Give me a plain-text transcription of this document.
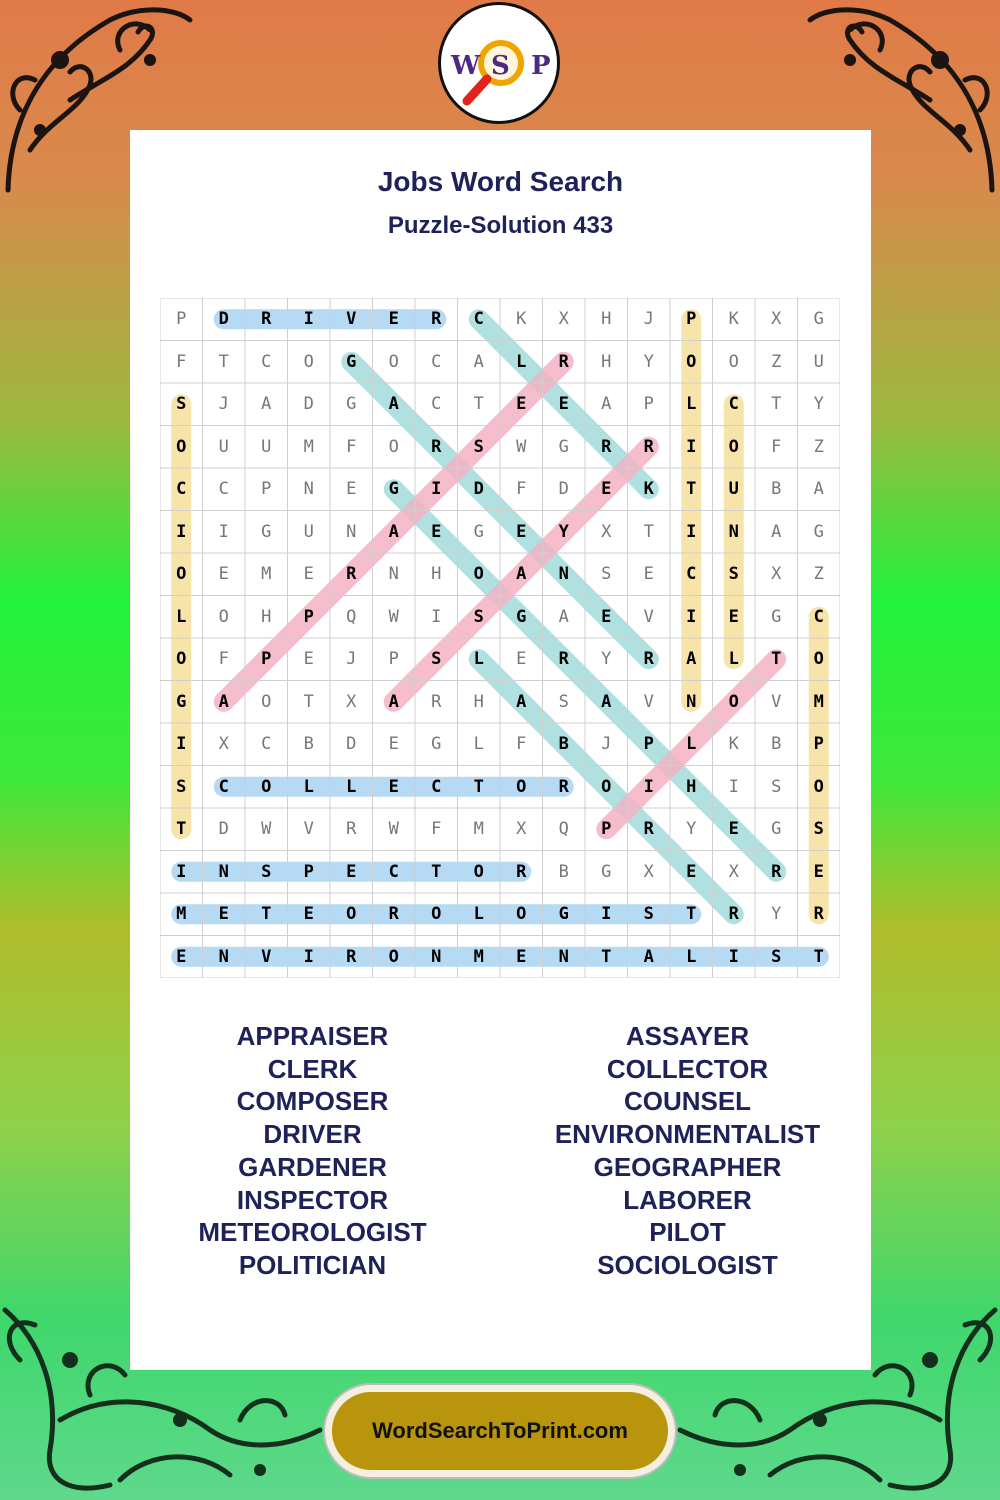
W S P
Jobs Word Search
Puzzle-Solution 433
P	D	R	I	V	E	R	C	K	X	H	J	P	K	X	G
F	T	C	O	G	O	C	A	L	R	H	Y	O	O	Z	U
S	J	A	D	G	A	C	T	E	E	A	P	L	C	T	Y
O	U	U	M	F	O	R	S	W	G	R	R	I	O	F	Z
C	C	P	N	E	G	I	D	F	D	E	K	T	U	B	A
I	I	G	U	N	A	E	G	E	Y	X	T	I	N	A	G
O	E	M	E	R	N	H	O	A	N	S	E	C	S	X	Z
L	O	H	P	Q	W	I	S	G	A	E	V	I	E	G	C
O	F	P	E	J	P	S	L	E	R	Y	R	A	L	T	O
G	A	O	T	X	A	R	H	A	S	A	V	N	O	V	M
I	X	C	B	D	E	G	L	F	B	J	P	L	K	B	P
S	C	O	L	L	E	C	T	O	R	O	I	H	I	S	O
T	D	W	V	R	W	F	M	X	Q	P	R	Y	E	G	S
I	N	S	P	E	C	T	O	R	B	G	X	E	X	R	E
M	E	T	E	O	R	O	L	O	G	I	S	T	R	Y	R
E	N	V	I	R	O	N	M	E	N	T	A	L	I	S	T
APPRAISER
CLERK
COMPOSER
DRIVER
GARDENER
INSPECTOR
METEOROLOGIST
POLITICIAN
ASSAYER
COLLECTOR
COUNSEL
ENVIRONMENTALIST
GEOGRAPHER
LABORER
PILOT
SOCIOLOGIST
WordSearchToPrint.com
